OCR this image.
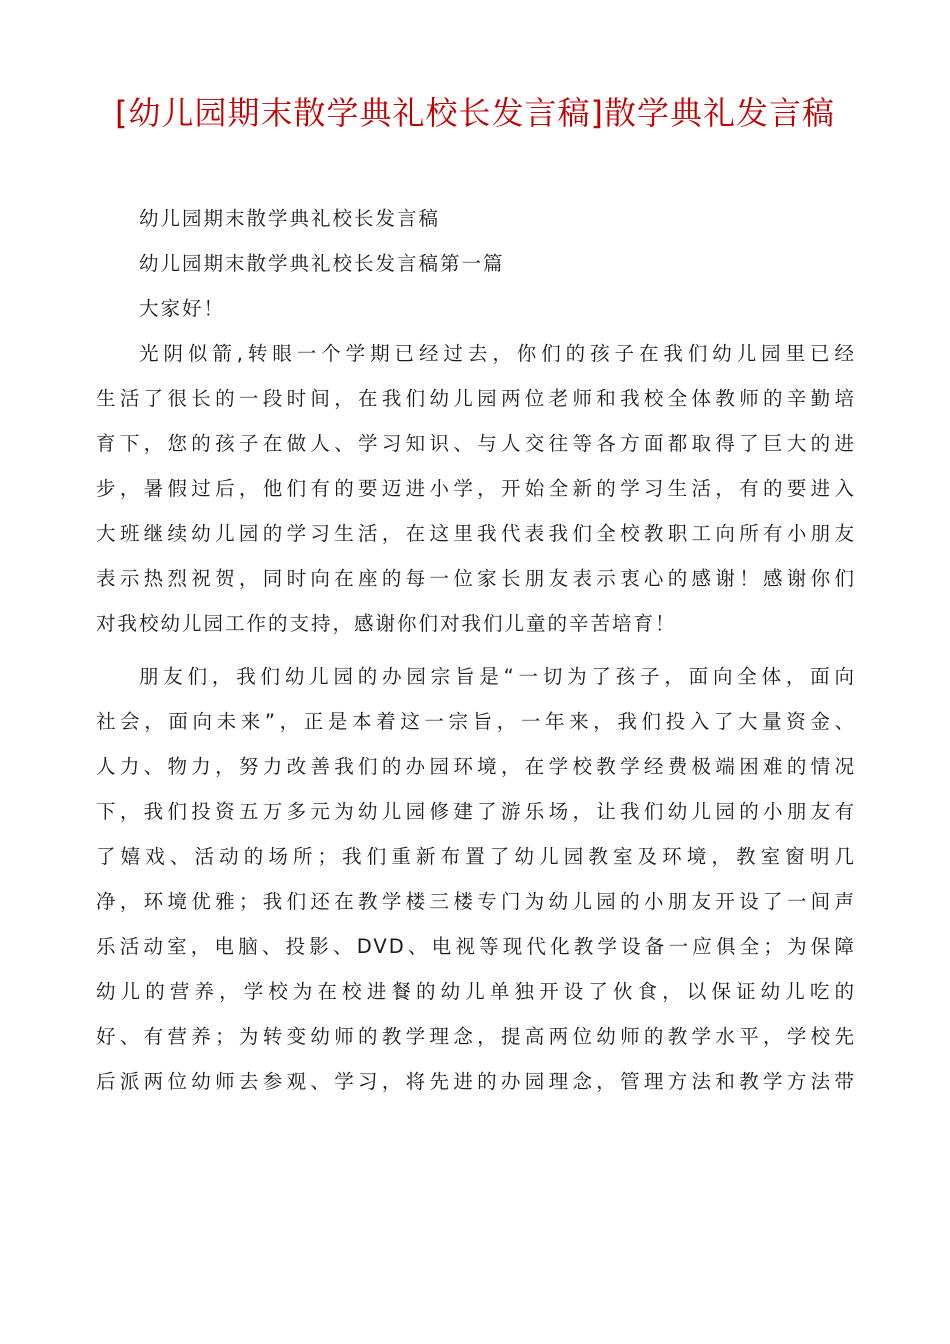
[幼儿园期末散学典礼校长发言稿]散学典礼发言稿

幼儿园期末散学典礼校长发言稿

幼儿园期末散学典礼校长发言稿第一篇

大家好！

光阴似箭,转眼一个学期已经过去，你们的孩子在我们幼儿园里已经

生活了很长的一段时间，在我们幼儿园两位老师和我校全体教师的辛勤培

育下，您的孩子在做人、学习知识、与人交往等各方面都取得了巨大的进

步，暑假过后，他们有的要迈进小学，开始全新的学习生活，有的要进入

大班继续幼儿园的学习生活，在这里我代表我们全校教职工向所有小朋友

表示热烈祝贺，同时向在座的每一位家长朋友表示衷心的感谢！感谢你们

对我校幼儿园工作的支持，感谢你们对我们儿童的辛苦培育！

朋友们，我们幼儿园的办园宗旨是“一切为了孩子，面向全体，面向

社会，面向未来”，正是本着这一宗旨，一年来，我们投入了大量资金、

人力、物力，努力改善我们的办园环境，在学校教学经费极端困难的情况

下，我们投资五万多元为幼儿园修建了游乐场，让我们幼儿园的小朋友有

了嬉戏、活动的场所；我们重新布置了幼儿园教室及环境，教室窗明几

净，环境优雅；我们还在教学楼三楼专门为幼儿园的小朋友开设了一间声

乐活动室，电脑、投影、DVD、电视等现代化教学设备一应俱全；为保障

幼儿的营养，学校为在校进餐的幼儿单独开设了伙食，以保证幼儿吃的

好、有营养；为转变幼师的教学理念，提高两位幼师的教学水平，学校先

后派两位幼师去参观、学习，将先进的办园理念，管理方法和教学方法带
